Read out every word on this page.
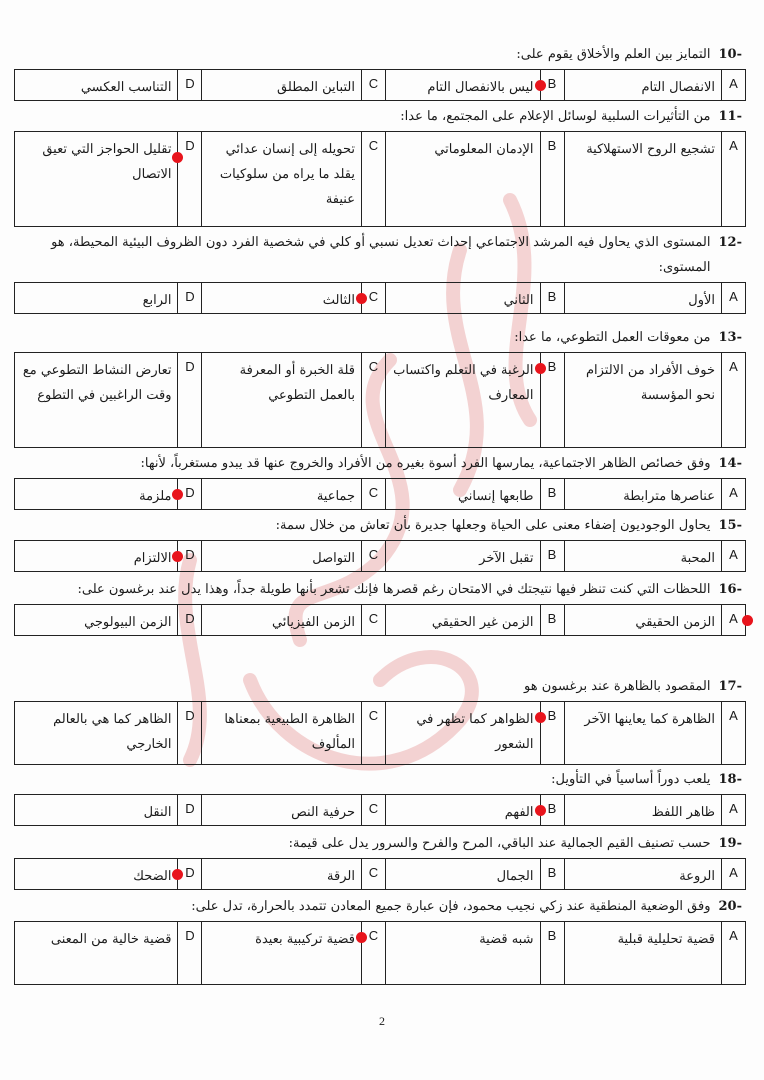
10-
التمايز بين العلم والأخلاق يقوم على:
A
الانفصال التام
B
ليس بالانفصال التام
C
التباين المطلق
D
التناسب العكسي
11-
من التأثيرات السلبية لوسائل الإعلام على المجتمع، ما عدا:
A
تشجيع الروح الاستهلاكية
B
الإدمان المعلوماتي
C
تحويله إلى إنسان عدائي يقلد ما يراه من سلوكيات عنيفة
D
تقليل الحواجز التي تعيق الاتصال
12-
المستوى الذي يحاول فيه المرشد الاجتماعي إحداث تعديل نسبي أو كلي في شخصية الفرد دون الظروف البيئية المحيطة، هو المستوى:
A
الأول
B
الثاني
C
الثالث
D
الرابع
13-
من معوقات العمل التطوعي، ما عدا:
A
خوف الأفراد من الالتزام نحو المؤسسة
B
الرغبة في التعلم واكتساب المعارف
C
قلة الخبرة أو المعرفة بالعمل التطوعي
D
تعارض النشاط التطوعي مع وقت الراغبين في التطوع
14-
وفق خصائص الظاهر الاجتماعية، يمارسها الفرد أسوة بغيره من الأفراد والخروج عنها قد يبدو مستغرباً، لأنها:
A
عناصرها مترابطة
B
طابعها إنساني
C
جماعية
D
ملزمة
15-
يحاول الوجوديون إضفاء معنى على الحياة وجعلها جديرة بأن تعاش من خلال سمة:
A
المحبة
B
تقبل الآخر
C
التواصل
D
الالتزام
16-
اللحظات التي كنت تنظر فيها نتيجتك في الامتحان رغم قصرها فإنك تشعر بأنها طويلة جداً، وهذا يدل عند برغسون على:
A
الزمن الحقيقي
B
الزمن غير الحقيقي
C
الزمن الفيزيائي
D
الزمن البيولوجي
17-
المقصود بالظاهرة عند برغسون هو
A
الظاهرة كما يعاينها الآخر
B
الظواهر كما تظهر في الشعور
C
الظاهرة الطبيعية بمعناها المألوف
D
الظاهر كما هي بالعالم الخارجي
18-
يلعب دوراً أساسياً في التأويل:
A
ظاهر اللفظ
B
الفهم
C
حرفية النص
D
النقل
19-
حسب تصنيف القيم الجمالية عند الباقي، المرح والفرح والسرور يدل على قيمة:
A
الروعة
B
الجمال
C
الرقة
D
الضحك
20-
وفق الوضعية المنطقية عند زكي نجيب محمود، فإن عبارة جميع المعادن تتمدد بالحرارة، تدل على:
A
قضية تحليلية قبلية
B
شبه قضية
C
قضية تركيبية بعيدة
D
قضية خالية من المعنى
2
